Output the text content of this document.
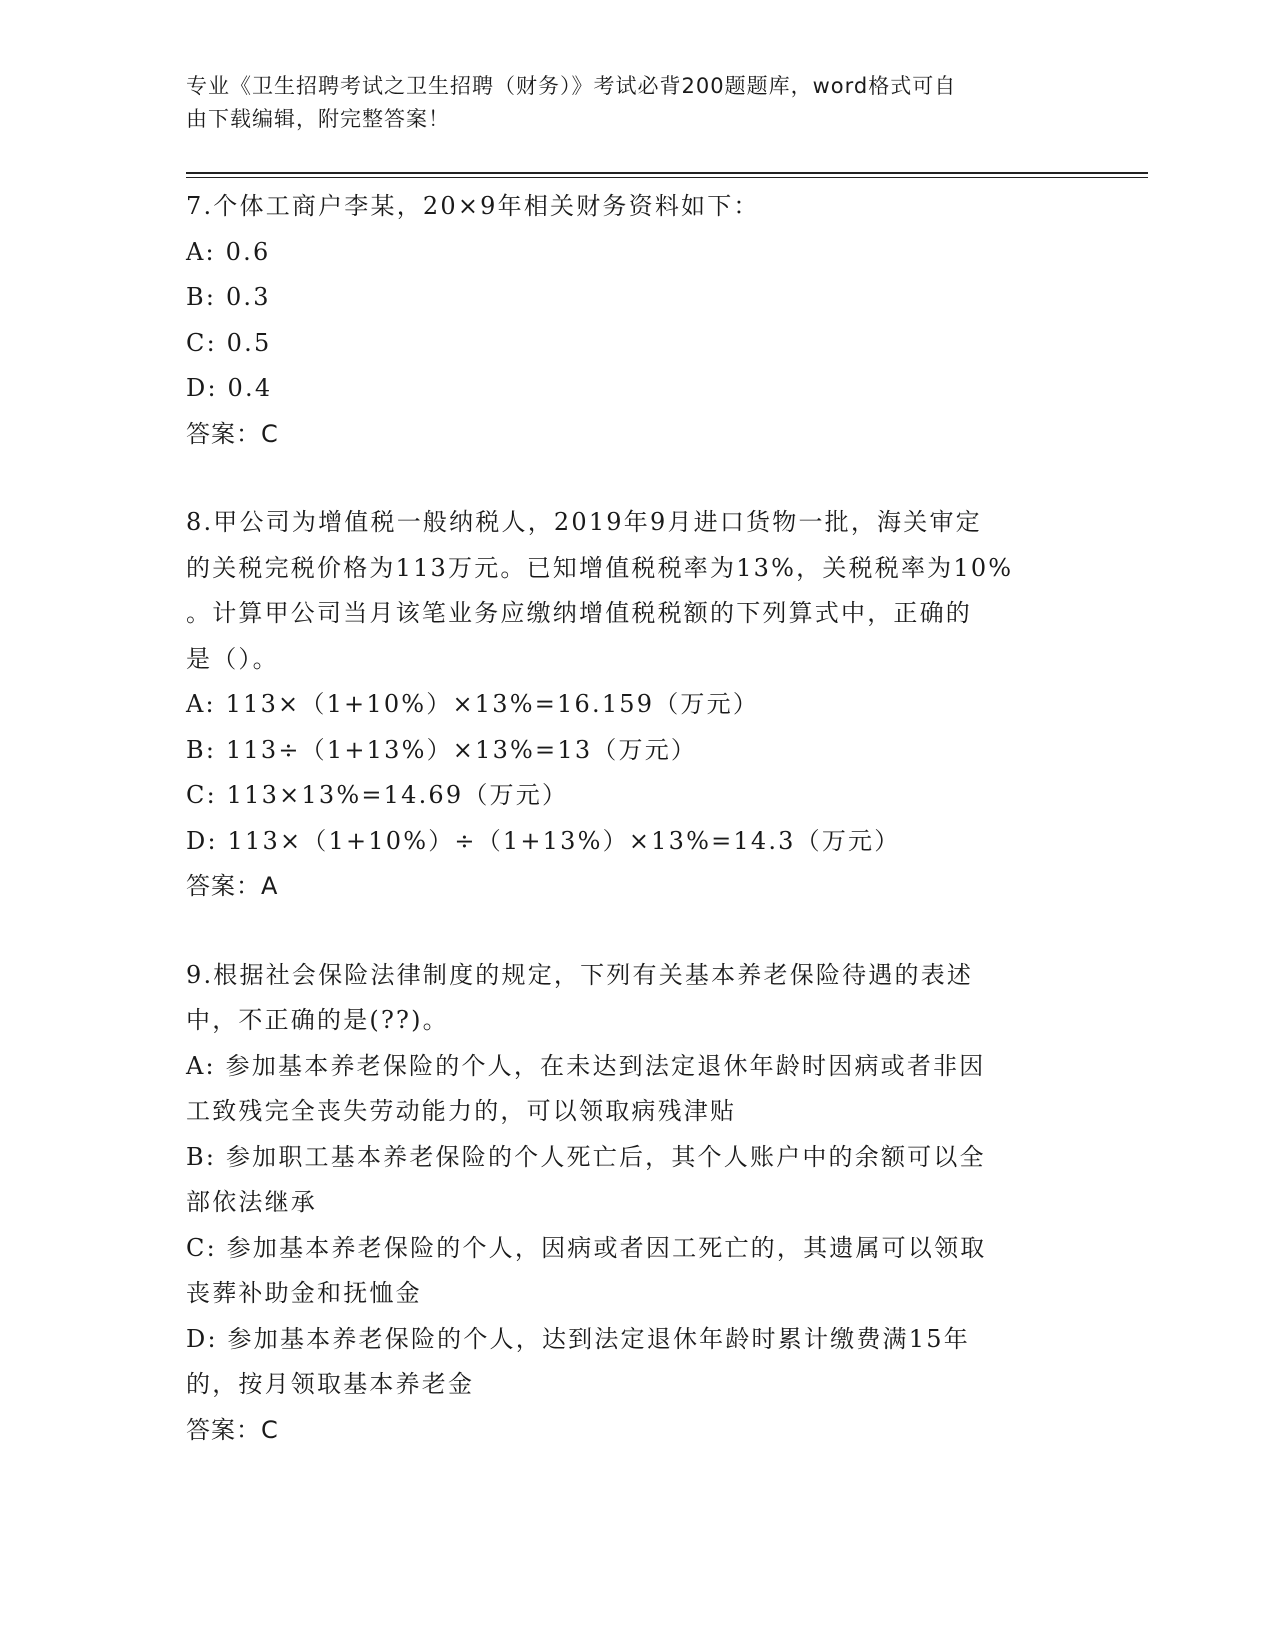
专业《卫生招聘考试之卫生招聘（财务）》考试必背200题题库，word格式可自
由下载编辑，附完整答案！
7.个体工商户李某，20×9年相关财务资料如下：
A: 0.6
B: 0.3
C: 0.5
D: 0.4
答案：C
8.甲公司为增值税一般纳税人，2019年9月进口货物一批，海关审定
的关税完税价格为113万元。已知增值税税率为13%，关税税率为10%
。计算甲公司当月该笔业务应缴纳增值税税额的下列算式中，正确的
是（）。
A: 113×（1+10%）×13%=16.159（万元）
B: 113÷（1+13%）×13%=13（万元）
C: 113×13%=14.69（万元）
D: 113×（1+10%）÷（1+13%）×13%=14.3（万元）
答案：A
9.根据社会保险法律制度的规定，下列有关基本养老保险待遇的表述
中，不正确的是(??)。
A: 参加基本养老保险的个人，在未达到法定退休年龄时因病或者非因
工致残完全丧失劳动能力的，可以领取病残津贴
B: 参加职工基本养老保险的个人死亡后，其个人账户中的余额可以全
部依法继承
C: 参加基本养老保险的个人，因病或者因工死亡的，其遗属可以领取
丧葬补助金和抚恤金
D: 参加基本养老保险的个人，达到法定退休年龄时累计缴费满15年
的，按月领取基本养老金
答案：C
